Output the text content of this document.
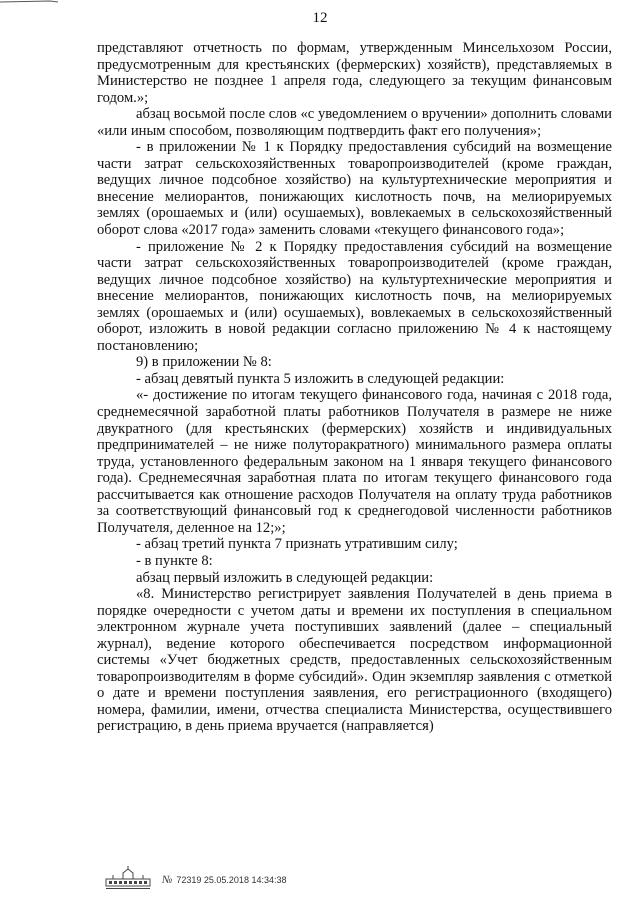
12

представляют отчетность по формам, утвержденным Минсельхозом России, предусмотренным для крестьянских (фермерских) хозяйств), представляемых в Министерство не позднее 1 апреля года, следующего за текущим финансовым годом.»;

абзац восьмой после слов «с уведомлением о вручении» дополнить словами «или иным способом, позволяющим подтвердить факт его получения»;

- в приложении № 1 к Порядку предоставления субсидий на возмещение части затрат сельскохозяйственных товаропроизводителей (кроме граждан, ведущих личное подсобное хозяйство) на культуртехнические мероприятия и внесение мелиорантов, понижающих кислотность почв, на мелиорируемых землях (орошаемых и (или) осушаемых), вовлекаемых в сельскохозяйственный оборот слова «2017 года» заменить словами «текущего финансового года»;

- приложение № 2 к Порядку предоставления субсидий на возмещение части затрат сельскохозяйственных товаропроизводителей (кроме граждан, ведущих личное подсобное хозяйство) на культуртехнические мероприятия и внесение мелиорантов, понижающих кислотность почв, на мелиорируемых землях (орошаемых и (или) осушаемых), вовлекаемых в сельскохозяйственный оборот, изложить в новой редакции согласно приложению № 4 к настоящему постановлению;

9) в приложении № 8:

- абзац девятый пункта 5 изложить в следующей редакции:

«- достижение по итогам текущего финансового года, начиная с 2018 года, среднемесячной заработной платы работников Получателя в размере не ниже двукратного (для крестьянских (фермерских) хозяйств и индивидуальных предпринимателей – не ниже полуторакратного) минимального размера оплаты труда, установленного федеральным законом на 1 января текущего финансового года). Среднемесячная заработная плата по итогам текущего финансового года рассчитывается как отношение расходов Получателя на оплату труда работников за соответствующий финансовый год к среднегодовой численности работников Получателя, деленное на 12;»;

- абзац третий пункта 7 признать утратившим силу;

- в пункте 8:

абзац первый изложить в следующей редакции:

«8. Министерство регистрирует заявления Получателей в день приема в порядке очередности с учетом даты и времени их поступления в специальном электронном журнале учета поступивших заявлений (далее – специальный журнал), ведение которого обеспечивается посредством информационной системы «Учет бюджетных средств, предоставленных сельскохозяйственным товаропроизводителям в форме субсидий». Один экземпляр заявления с отметкой о дате и времени поступления заявления, его регистрационного (входящего) номера, фамилии, имени, отчества специалиста Министерства, осуществившего регистрацию, в день приема вручается (направляется)

№ 72319 25.05.2018 14:34:38
